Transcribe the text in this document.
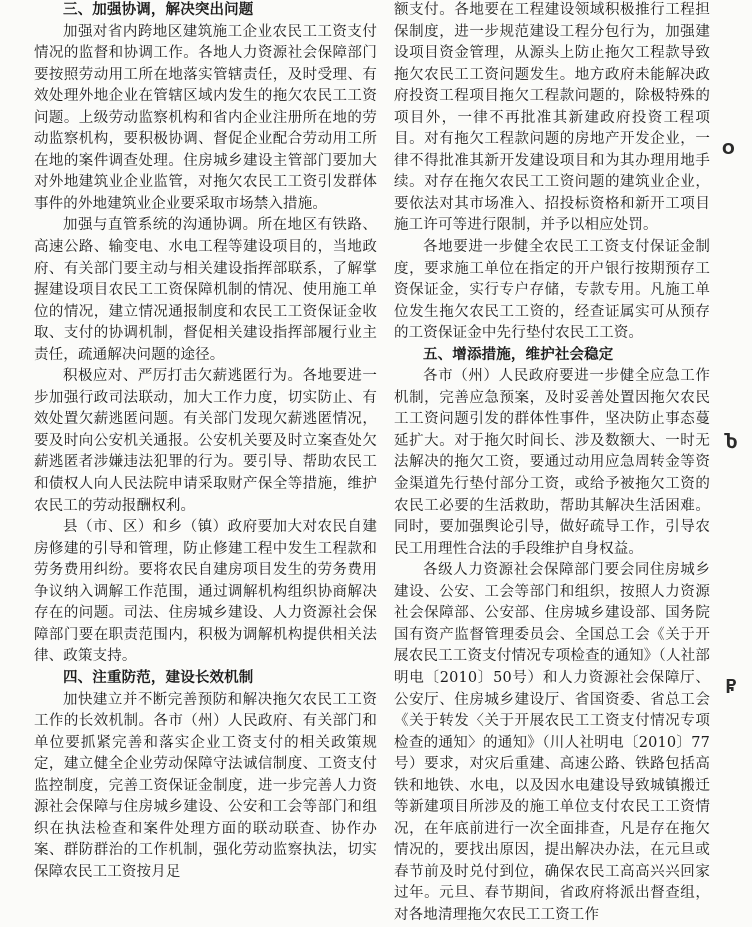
三、加强协调，解决突出问题

加强对省内跨地区建筑施工企业农民工工资支付情况的监督和协调工作。各地人力资源社会保障部门要按照劳动用工所在地落实管辖责任，及时受理、有效处理外地企业在管辖区域内发生的拖欠农民工工资问题。上级劳动监察机构和省内企业注册所在地的劳动监察机构，要积极协调、督促企业配合劳动用工所在地的案件调查处理。住房城乡建设主管部门要加大对外地建筑业企业监管，对拖欠农民工工资引发群体事件的外地建筑业企业要采取市场禁入措施。

加强与直管系统的沟通协调。所在地区有铁路、高速公路、输变电、水电工程等建设项目的，当地政府、有关部门要主动与相关建设指挥部联系，了解掌握建设项目农民工工资保障机制的情况、使用施工单位的情况，建立情况通报制度和农民工工资保证金收取、支付的协调机制，督促相关建设指挥部履行业主责任，疏通解决问题的途径。

积极应对、严厉打击欠薪逃匿行为。各地要进一步加强行政司法联动，加大工作力度，切实防止、有效处置欠薪逃匿问题。有关部门发现欠薪逃匿情况，要及时向公安机关通报。公安机关要及时立案查处欠薪逃匿者涉嫌违法犯罪的行为。要引导、帮助农民工和债权人向人民法院申请采取财产保全等措施，维护农民工的劳动报酬权利。

县（市、区）和乡（镇）政府要加大对农民自建房修建的引导和管理，防止修建工程中发生工程款和劳务费用纠纷。要将农民自建房项目发生的劳务费用争议纳入调解工作范围，通过调解机构组织协商解决存在的问题。司法、住房城乡建设、人力资源社会保障部门要在职责范围内，积极为调解机构提供相关法律、政策支持。

四、注重防范，建设长效机制

加快建立并不断完善预防和解决拖欠农民工工资工作的长效机制。各市（州）人民政府、有关部门和单位要抓紧完善和落实企业工资支付的相关政策规定，建立健全企业劳动保障守法诚信制度、工资支付监控制度，完善工资保证金制度，进一步完善人力资源社会保障与住房城乡建设、公安和工会等部门和组织在执法检查和案件处理方面的联动联查、协作办案、群防群治的工作机制，强化劳动监察执法，切实保障农民工工资按月足

额支付。各地要在工程建设领域积极推行工程担保制度，进一步规范建设工程分包行为，加强建设项目资金管理，从源头上防止拖欠工程款导致拖欠农民工工资问题发生。地方政府未能解决政府投资工程项目拖欠工程款问题的，除极特殊的项目外，一律不再批准其新建政府投资工程项目。对有拖欠工程款问题的房地产开发企业，一律不得批准其新开发建设项目和为其办理用地手续。对存在拖欠农民工工资问题的建筑业企业，要依法对其市场准入、招投标资格和新开工项目施工许可等进行限制，并予以相应处罚。

各地要进一步健全农民工工资支付保证金制度，要求施工单位在指定的开户银行按期预存工资保证金，实行专户存储，专款专用。凡施工单位发生拖欠农民工工资的，经查证属实可从预存的工资保证金中先行垫付农民工工资。

五、增添措施，维护社会稳定

各市（州）人民政府要进一步健全应急工作机制，完善应急预案，及时妥善处置因拖欠农民工工资问题引发的群体性事件，坚决防止事态蔓延扩大。对于拖欠时间长、涉及数额大、一时无法解决的拖欠工资，要通过动用应急周转金等资金渠道先行垫付部分工资，或给予被拖欠工资的农民工必要的生活救助，帮助其解决生活困难。同时，要加强舆论引导，做好疏导工作，引导农民工用理性合法的手段维护自身权益。

各级人力资源社会保障部门要会同住房城乡建设、公安、工会等部门和组织，按照人力资源社会保障部、公安部、住房城乡建设部、国务院国有资产监督管理委员会、全国总工会《关于开展农民工工资支付情况专项检查的通知》（人社部明电〔2010〕50号）和人力资源社会保障厅、公安厅、住房城乡建设厅、省国资委、省总工会《关于转发〈关于开展农民工工资支付情况专项检查的通知〉的通知》（川人社明电〔2010〕77号）要求，对灾后重建、高速公路、铁路包括高铁和地铁、水电，以及因水电建设导致城镇搬迁等新建项目所涉及的施工单位支付农民工工资情况，在年底前进行一次全面排查，凡是存在拖欠情况的，要找出原因，提出解决办法，在元旦或春节前及时兑付到位，确保农民工高高兴兴回家过年。元旦、春节期间，省政府将派出督查组，对各地清理拖欠农民工工资工作

Ο
Ⴆ
Ⴜ
